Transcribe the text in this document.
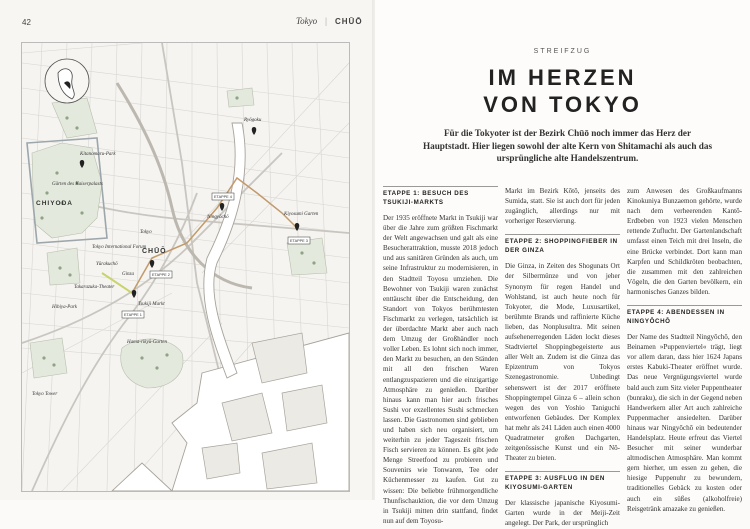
42	Tokyo | CHŪŌ
CHIYODA
CHŪŌ
Hibiya-Park
Kitanomaru-Park
Gärten des Kaiserpalasts
Tokyo Tower
Hama-rikyū-Garten
Ginza
Tsukiji Markt
Kiyosumi Garten
Ningyōchō
Ryōgoku
Tokyo
Tokyo International Forum
Yūrakuchō
Takarazuka-Theater
ETAPPE 1
ETAPPE 2
ETAPPE 3
ETAPPE 4
STREIFZUG
IM HERZEN
VON TOKYO
Für die Tokyoter ist der Bezirk Chūō noch immer das Herz der Hauptstadt. Hier liegen sowohl der alte Kern von Shitamachi als auch das ursprüngliche alte Handelszentrum.
ETAPPE 1: BESUCH DES TSUKIJI-MARKTS

Der 1935 eröffnete Markt in Tsukiji war über die Jahre zum größten Fischmarkt der Welt angewachsen und galt als eine Besucherattraktion, musste 2018 jedoch und aus sanitären Gründen als auch, um seine Infrastruktur zu modernisieren, in den Stadtteil Toyosu umziehen. Die Bewohner von Tsukiji waren zunächst enttäuscht über die Entscheidung, den Standort von Tokyos berühmtesten Fischmarkt zu verlegen, tatsächlich ist der überdachte Markt aber auch nach dem Umzug der Großhändler noch voller Leben. Es lohnt sich noch immer, den Markt zu besuchen, an den Ständen mit all den frischen Waren entlangzuspazieren und die einzigartige Atmosphäre zu genießen. Darüber hinaus kann man hier auch frisches Sushi vor exzellentes Sushi schmecken lassen. Die Gastronomen sind geblieben und haben sich neu organisiert, um weiterhin zu jeder Tageszeit frischen Fisch servieren zu können. Es gibt jede Menge Streetfood zu probieren und Souvenirs wie Tonwaren, Tee oder Küchenmesser zu kaufen. Gut zu wissen: Die beliebte frühmorgendliche Thunfischauktion, die vor dem Umzug in Tsukiji mitten drin stattfand, findet nun auf dem Toyosu-

Markt im Bezirk Kōtō, jenseits des Sumida, statt. Sie ist auch dort für jeden zugänglich, allerdings nur mit vorheriger Reservierung.

ETAPPE 2: SHOPPINGFIEBER IN DER GINZA

Die Ginza, in Zeiten des Shogunats Ort der Silbermünze und von jeher Synonym für regen Handel und Wohlstand, ist auch heute noch für Tokyoter, die Mode, Luxusartikel, berühmte Brands und raffinierte Küche lieben, das Nonplusultra. Mit seinen aufsehenerregenden Läden lockt dieses Stadtviertel Shoppingbegeisterte aus aller Welt an. Zudem ist die Ginza das Epizentrum von Tokyos Szenegastronomie. Unbedingt sehenswert ist der 2017 eröffnete Shoppingtempel Ginza 6 – allein schon wegen des von Yoshio Taniguchi entworfenen Gebäudes. Der Komplex hat mehr als 241 Läden auch einen 4000 Quadratmeter großen Dachgarten, zeitgenössische Kunst und ein Nō-Theater zu bieten.

ETAPPE 3: AUSFLUG IN DEN KIYOSUMI-GARTEN

Der klassische japanische Kiyosumi-Garten wurde in der Meiji-Zeit angelegt. Der Park, der ursprünglich

zum Anwesen des Großkaufmanns Kinokuniya Bunzaemon gehörte, wurde nach dem verheerenden Kantō-Erdbeben von 1923 vielen Menschen rettende Zuflucht. Der Gartenlandschaft umfasst einen Teich mit drei Inseln, die eine Brücke verbindet. Dort kann man Karpfen und Schildkröten beobachten, die zusammen mit den zahlreichen Vögeln, die den Garten bevölkern, ein harmonisches Ganzes bilden.

ETAPPE 4: ABENDESSEN IN NINGYŌCHŌ

Der Name des Stadtteil Ningyōchō, den Beinamen »Puppenviertel« trägt, liegt vor allem daran, dass hier 1624 Japans erstes Kabuki-Theater eröffnet wurde. Das neue Vergnügungsviertel wurde bald auch zum Sitz vieler Puppentheater (bunraku), die sich in der Gegend neben Handwerkern aller Art auch zahlreiche Puppenmacher ansiedelten. Darüber hinaus war Ningyōchō ein bedeutender Handelsplatz. Heute erfreut das Viertel Besucher mit seiner wunderbar altmodischen Atmosphäre. Man kommt gern hierher, um essen zu gehen, die hiesige Puppenuhr zu bewundern, traditionelles Gebäck zu kosten oder auch ein süßes (alkoholfreie) Reisgetränk amazake zu genießen.
